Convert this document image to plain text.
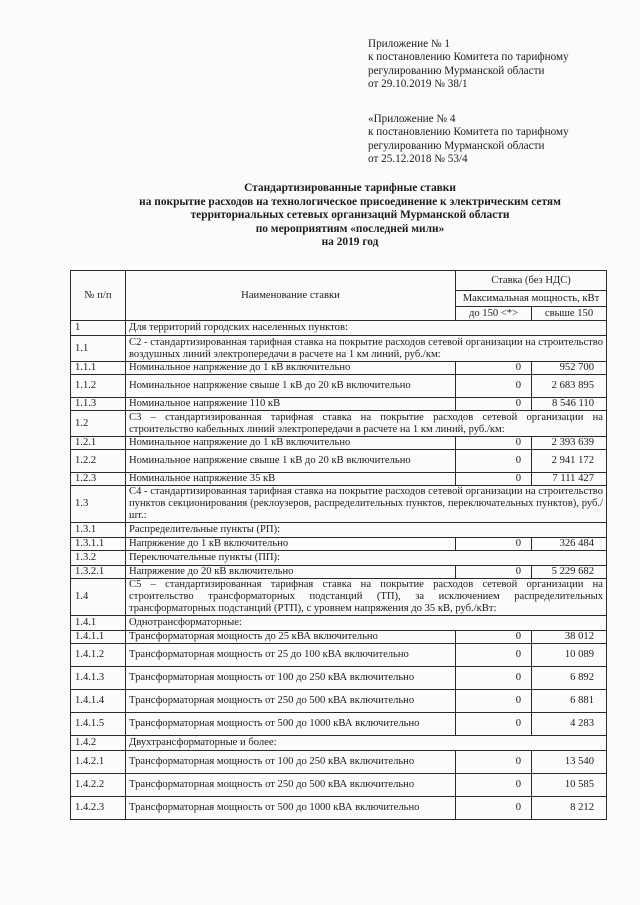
Приложение № 1
к постановлению Комитета по тарифному
регулированию Мурманской области
от 29.10.2019 № 38/1
«Приложение № 4
к постановлению Комитета по тарифному
регулированию Мурманской области
от 25.12.2018 № 53/4
Стандартизированные тарифные ставки
на покрытие расходов на технологическое присоединение к электрическим сетям
территориальных сетевых организаций Мурманской области
по мероприятиям «последней мили»
на 2019 год
№ п/п	Наименование ставки	Ставка (без НДС)	
		Максимальная мощность, кВт	
		до 150 <*>	свыше 150
1	Для территорий городских населенных пунктов:		
1.1	С2 - стандартизированная тарифная ставка на покрытие расходов сетевой организации на строительство воздушных линий электропередачи в расчете на 1 км линий, руб./км:		
1.1.1	Номинальное напряжение до 1 кВ включительно	0	952 700
1.1.2	Номинальное напряжение свыше 1 кВ до 20 кВ включительно	0	2 683 895
1.1.3	Номинальное напряжение 110 кВ	0	8 546 110
1.2	С3 – стандартизированная тарифная ставка на покрытие расходов сетевой организации на строительство кабельных линий электропередачи в расчете на 1 км линий, руб./км:		
1.2.1	Номинальное напряжение до 1 кВ включительно	0	2 393 639
1.2.2	Номинальное напряжение свыше 1 кВ до 20 кВ включительно	0	2 941 172
1.2.3	Номинальное напряжение 35 кВ	0	7 111 427
1.3	С4 - стандартизированная тарифная ставка на покрытие расходов сетевой организации на строительство пунктов секционирования (реклоузеров, распределительных пунктов, переключательных пунктов), руб./шт.:		
1.3.1	Распределительные пункты (РП):		
1.3.1.1	Напряжение до 1 кВ включительно	0	326 484
1.3.2	Переключательные пункты (ПП):		
1.3.2.1	Напряжение до 20 кВ включительно	0	5 229 682
1.4	С5 – стандартизированная тарифная ставка на покрытие расходов сетевой организации на строительство трансформаторных подстанций (ТП), за исключением распределительных трансформаторных подстанций (РТП), с уровнем напряжения до 35 кВ, руб./кВт:		
1.4.1	Однотрансформаторные:		
1.4.1.1	Трансформаторная мощность до 25 кВА включительно	0	38 012
1.4.1.2	Трансформаторная мощность от 25 до 100 кВА включительно	0	10 089
1.4.1.3	Трансформаторная мощность от 100 до 250 кВА включительно	0	6 892
1.4.1.4	Трансформаторная мощность от 250 до 500 кВА включительно	0	6 881
1.4.1.5	Трансформаторная мощность от 500 до 1000 кВА включительно	0	4 283
1.4.2	Двухтрансформаторные и более:		
1.4.2.1	Трансформаторная мощность от 100 до 250 кВА включительно	0	13 540
1.4.2.2	Трансформаторная мощность от 250 до 500 кВА включительно	0	10 585
1.4.2.3	Трансформаторная мощность от 500 до 1000 кВА включительно	0	8 212
